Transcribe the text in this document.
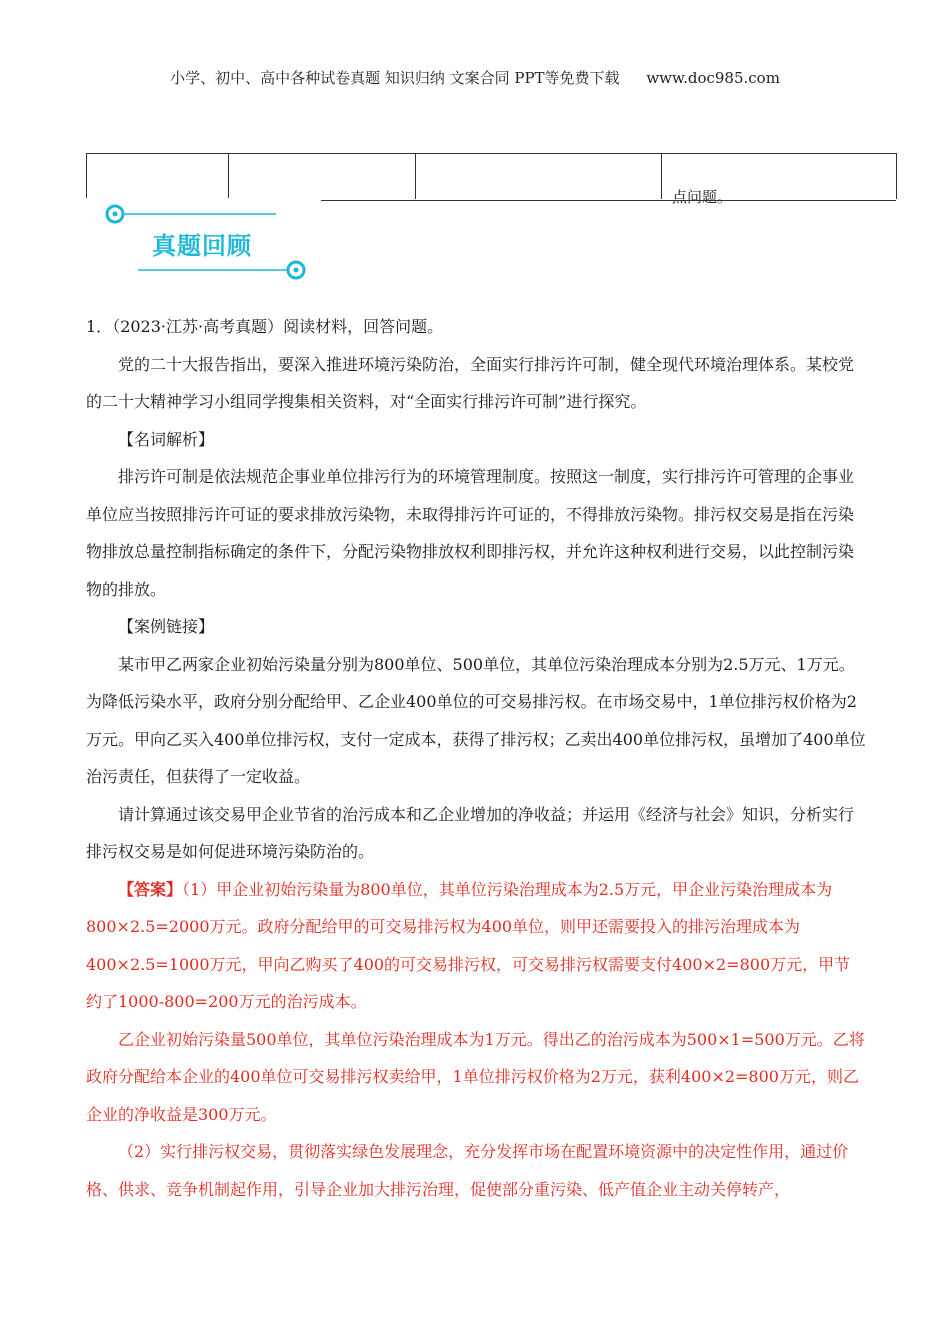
小学、初中、高中各种试卷真题 知识归纳 文案合同 PPT等免费下载 www.doc985.com
点问题。
真题回顾

1．（2023·江苏·高考真题）阅读材料，回答问题。

党的二十大报告指出，要深入推进环境污染防治，全面实行排污许可制，健全现代环境治理体系。某校党的二十大精神学习小组同学搜集相关资料，对“全面实行排污许可制”进行探究。

【名词解析】

排污许可制是依法规范企事业单位排污行为的环境管理制度。按照这一制度，实行排污许可管理的企事业单位应当按照排污许可证的要求排放污染物，未取得排污许可证的，不得排放污染物。排污权交易是指在污染物排放总量控制指标确定的条件下，分配污染物排放权利即排污权，并允许这种权利进行交易，以此控制污染物的排放。

【案例链接】

某市甲乙两家企业初始污染量分别为800单位、500单位，其单位污染治理成本分别为2.5万元、1万元。为降低污染水平，政府分别分配给甲、乙企业400单位的可交易排污权。在市场交易中，1单位排污权价格为2万元。甲向乙买入400单位排污权，支付一定成本，获得了排污权；乙卖出400单位排污权，虽增加了400单位治污责任，但获得了一定收益。

请计算通过该交易甲企业节省的治污成本和乙企业增加的净收益；并运用《经济与社会》知识，分析实行排污权交易是如何促进环境污染防治的。

【答案】（1）甲企业初始污染量为800单位，其单位污染治理成本为2.5万元，甲企业污染治理成本为800×2.5=2000万元。政府分配给甲的可交易排污权为400单位，则甲还需要投入的排污治理成本为400×2.5=1000万元，甲向乙购买了400的可交易排污权，可交易排污权需要支付400×2=800万元，甲节约了1000-800=200万元的治污成本。

乙企业初始污染量500单位，其单位污染治理成本为1万元。得出乙的治污成本为500×1=500万元。乙将政府分配给本企业的400单位可交易排污权卖给甲，1单位排污权价格为2万元，获利400×2=800万元，则乙企业的净收益是300万元。

（2）实行排污权交易，贯彻落实绿色发展理念，充分发挥市场在配置环境资源中的决定性作用，通过价格、供求、竞争机制起作用，引导企业加大排污治理，促使部分重污染、低产值企业主动关停转产，
